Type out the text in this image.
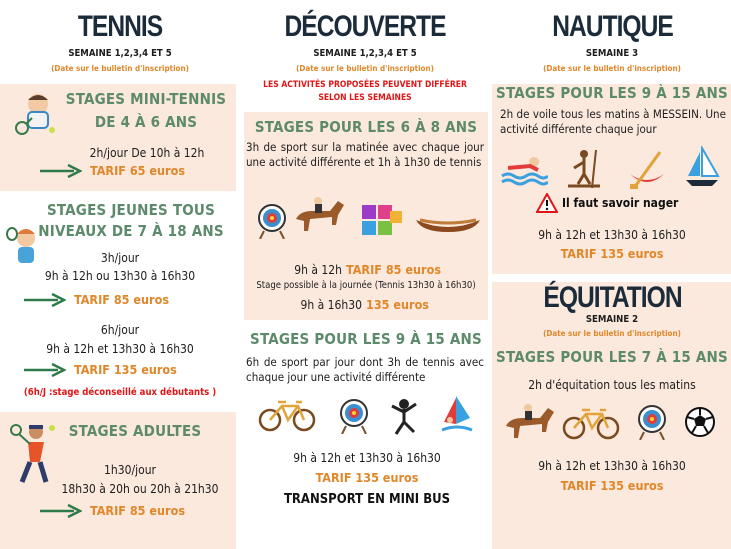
TENNIS
SEMAINE 1,2,3,4 ET 5
(Date sur le bulletin d'inscription)
STAGES MINI-TENNIS
DE 4 À 6 ANS
2h/jour De 10h à 12h
TARIF 65 euros
STAGES JEUNES TOUS
NIVEAUX DE 7 À 18 ANS
3h/jour
9h à 12h ou 13h30 à 16h30
TARIF 85 euros
6h/jour
9h à 12h et 13h30 à 16h30
TARIF 135 euros
(6h/J :stage déconseillé aux débutants )
STAGES ADULTES
1h30/jour
18h30 à 20h ou 20h à 21h30
TARIF 85 euros
DÉCOUVERTE
SEMAINE 1,2,3,4 ET 5
(Date sur le bulletin d'inscription)
LES ACTIVITÉS PROPOSÉES PEUVENT DIFFÉRER
SELON LES SEMAINES
STAGES POUR LES 6 À 8 ANS
3h de sport sur la matinée avec chaque jour une activité différente et 1h à 1h30 de tennis
9h à 12h TARIF 85 euros
Stage possible à la journée (Tennis 13h30 à 16h30)
9h à 16h30 135 euros
STAGES POUR LES 9 À 15 ANS
6h de sport par jour dont 3h de tennis avec chaque jour une activité différente
9h à 12h et 13h30 à 16h30
TARIF 135 euros
TRANSPORT EN MINI BUS
NAUTIQUE
SEMAINE 3
(Date sur le bulletin d'inscription)
STAGES POUR LES 9 À 15 ANS
2h de voile tous les matins à MESSEIN. Une activité différente chaque jour
Il faut savoir nager
9h à 12h et 13h30 à 16h30
TARIF 135 euros
ÉQUITATION
SEMAINE 2
(Date sur le bulletin d'inscription)
STAGES POUR LES 7 À 15 ANS
2h d'équitation tous les matins
9h à 12h et 13h30 à 16h30
TARIF 135 euros
